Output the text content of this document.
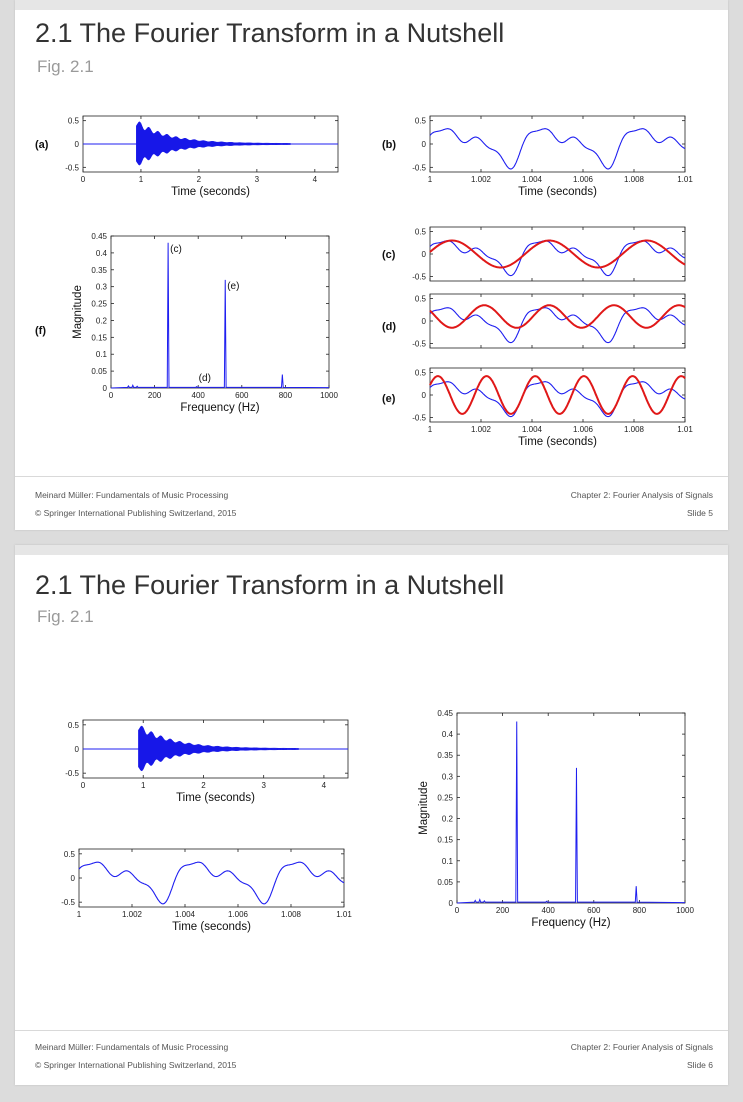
2.1 The Fourier Transform in a Nutshell
Fig. 2.1
0.5
0
-0.5
0	1	2	3	4
Time (seconds)
(a)
0.5
0
-0.5
1	1.002	1.004	1.006	1.008	1.01
Time (seconds)
(b)
0
0.05
0.1
0.15
0.2
0.25
0.3
0.35
0.4
0.45
0	200	400	600	800	1000
Frequency (Hz)
Magnitude
(c)
(d)
(e)
(f)
0.5
0
-0.5
(c)
0.5
0
-0.5
(d)
0.5
0
-0.5
1	1.002	1.004	1.006	1.008	1.01
Time (seconds)
(e)
Meinard Müller: Fundamentals of Music Processing
© Springer International Publishing Switzerland, 2015
Chapter 2: Fourier Analysis of Signals
Slide 5
2.1 The Fourier Transform in a Nutshell
Fig. 2.1
0.5
0
-0.5
0	1	2	3	4
Time (seconds)
0.5
0
-0.5
1	1.002	1.004	1.006	1.008	1.01
Time (seconds)
0
0.05
0.1
0.15
0.2
0.25
0.3
0.35
0.4
0.45
0	200	400	600	800	1000
Frequency (Hz)
Magnitude
Meinard Müller: Fundamentals of Music Processing
© Springer International Publishing Switzerland, 2015
Chapter 2: Fourier Analysis of Signals
Slide 6
